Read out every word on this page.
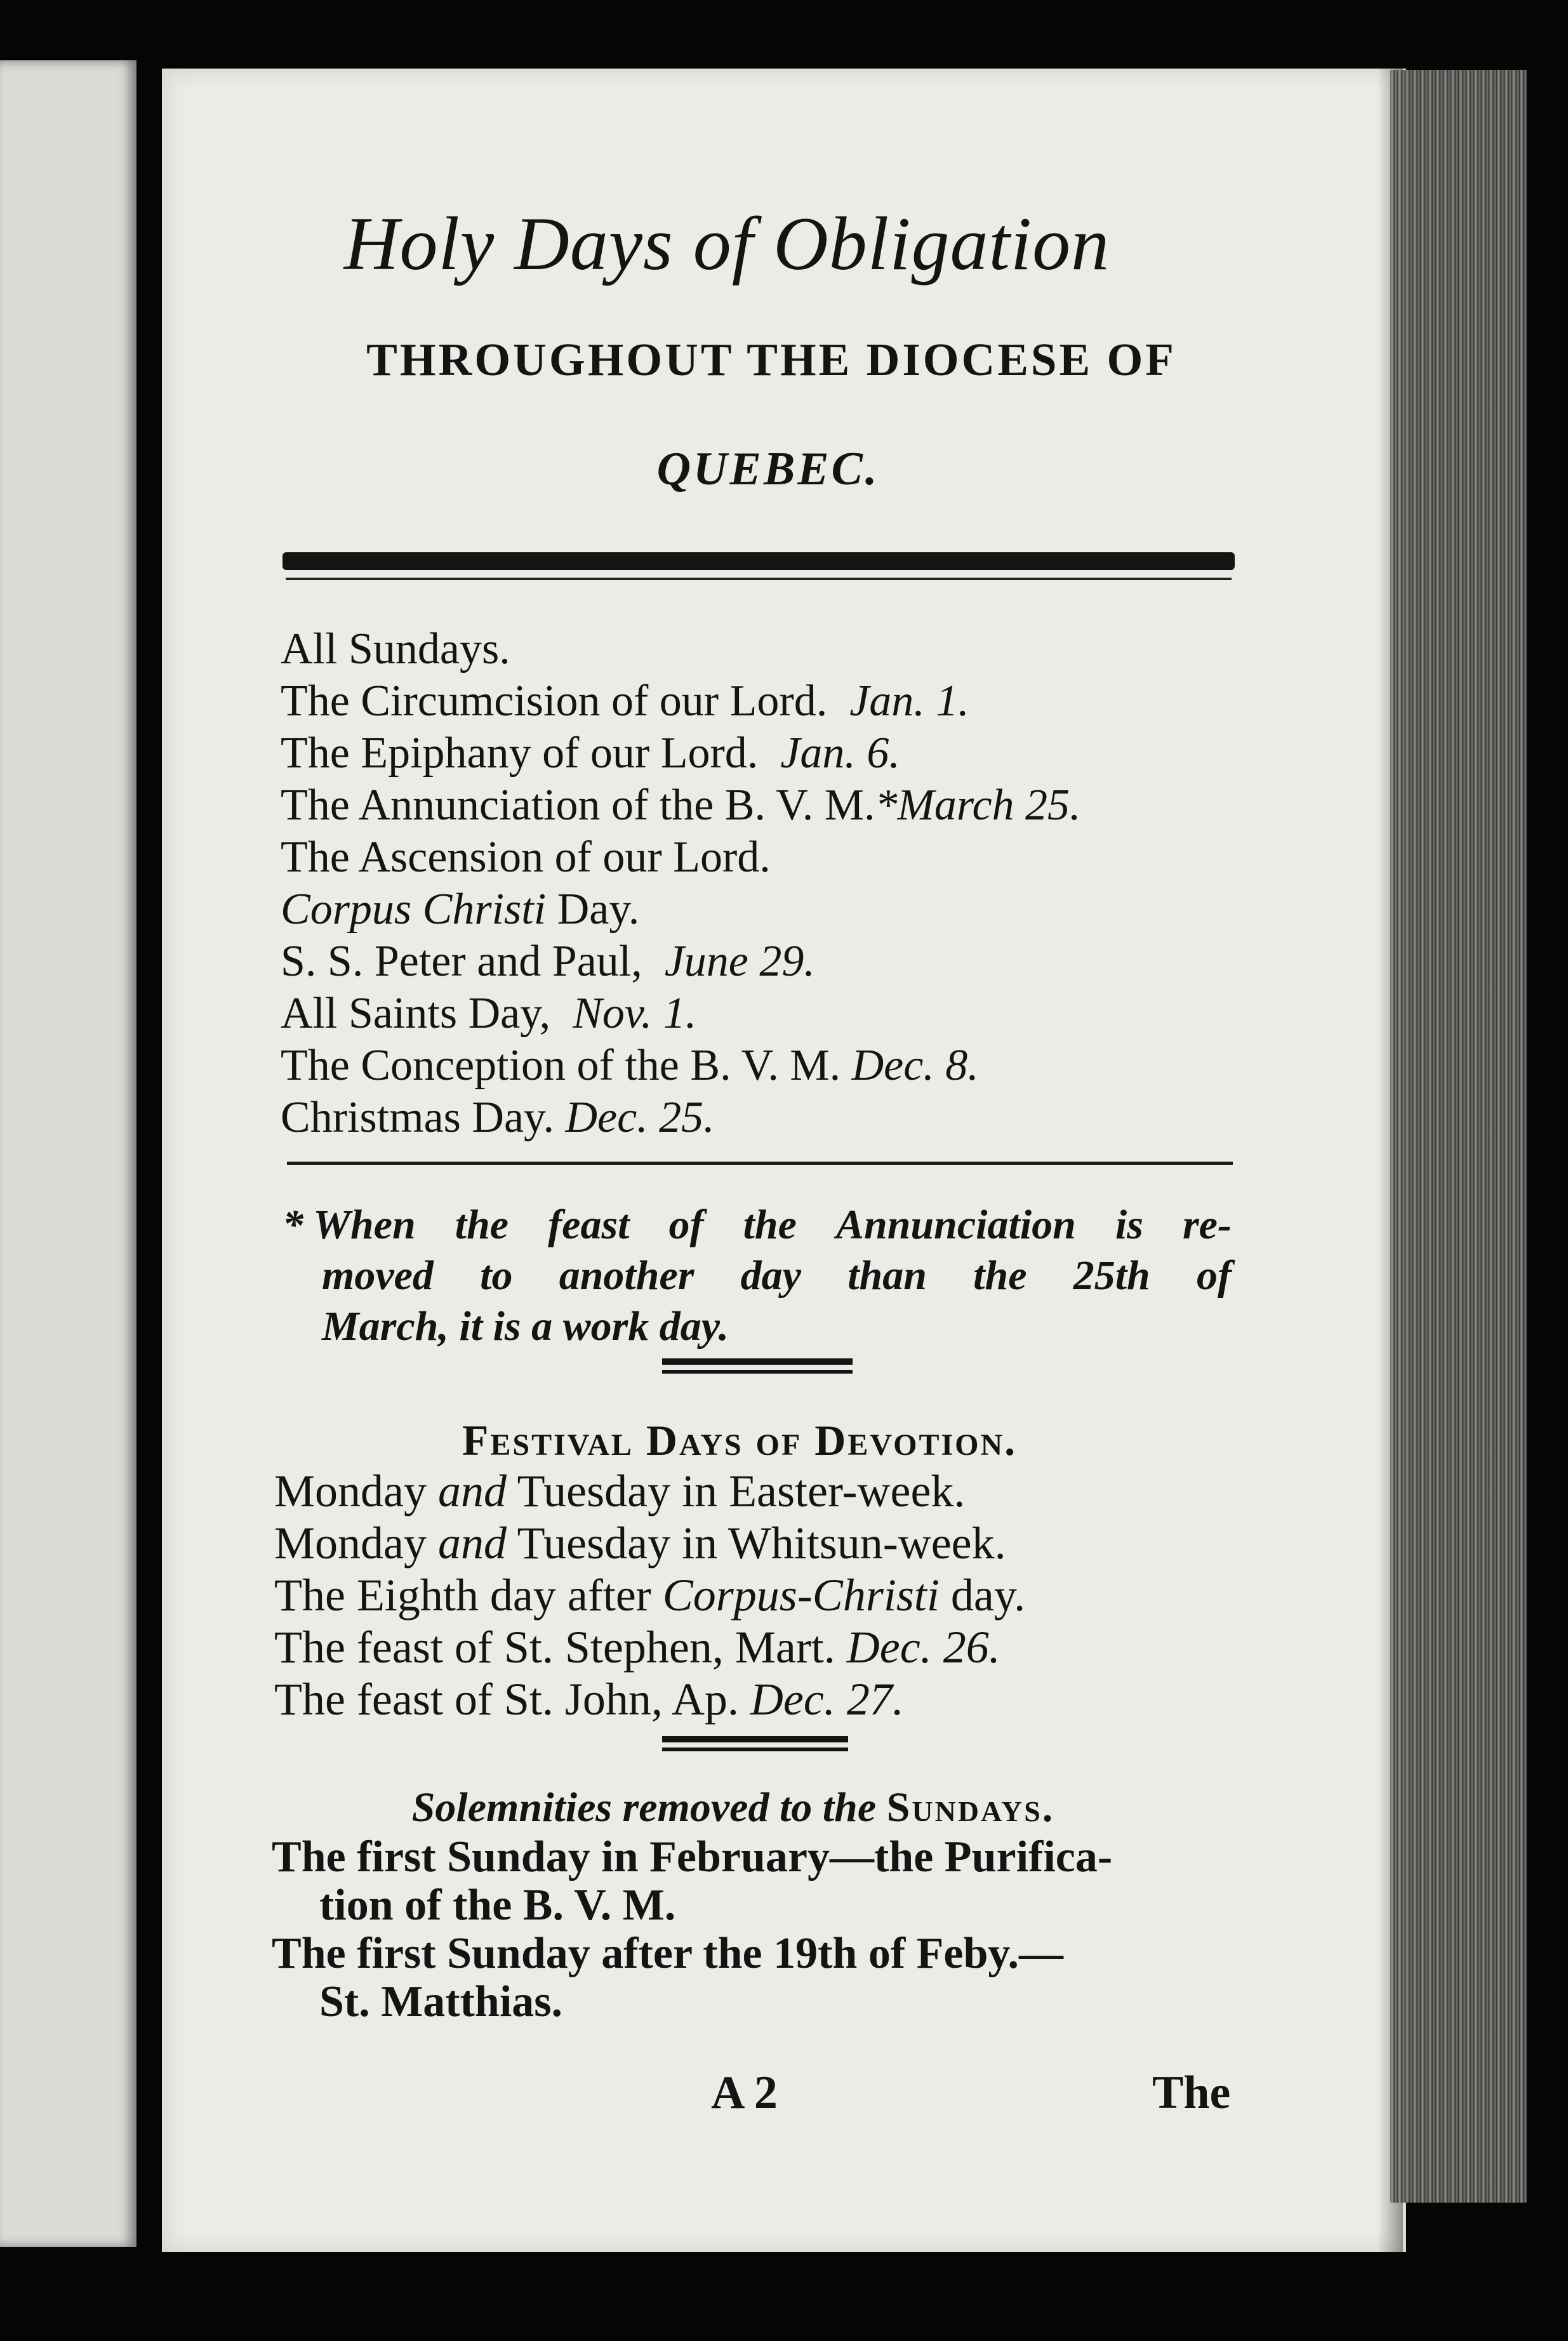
Holy Days of Obligation
THROUGHOUT THE DIOCESE OF
QUEBEC.
All Sundays.
The Circumcision of our Lord. Jan. 1.
The Epiphany of our Lord. Jan. 6.
The Annunciation of the B. V. M.*March 25.
The Ascension of our Lord.
Corpus Christi Day.
S. S. Peter and Paul, June 29.
All Saints Day, Nov. 1.
The Conception of the B. V. M. Dec. 8.
Christmas Day. Dec. 25.
* When the feast of the Annunciation is re-
moved to another day than the 25th of
March, it is a work day.
Festival Days of Devotion.
Monday and Tuesday in Easter-week.
Monday and Tuesday in Whitsun-week.
The Eighth day after Corpus-Christi day.
The feast of St. Stephen, Mart. Dec. 26.
The feast of St. John, Ap. Dec. 27.
Solemnities removed to the Sundays.
The first Sunday in February—the Purifica-
tion of the B. V. M.
The first Sunday after the 19th of Feby.—
St. Matthias.
A 2	The
